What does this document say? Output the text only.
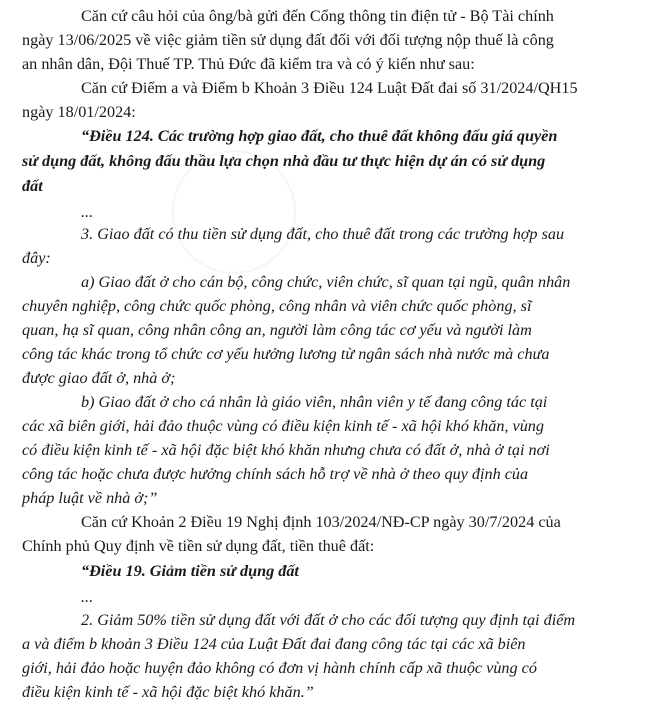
Căn cứ câu hỏi của ông/bà gửi đến Cổng thông tin điện tử - Bộ Tài chính
ngày 13/06/2025 về việc giảm tiền sử dụng đất đối với đối tượng nộp thuế là công
an nhân dân, Đội Thuế TP. Thủ Đức đã kiểm tra và có ý kiến như sau:
Căn cứ Điểm a và Điểm b Khoản 3 Điều 124 Luật Đất đai số 31/2024/QH15
ngày 18/01/2024:
“Điều 124. Các trường hợp giao đất, cho thuê đất không đấu giá quyền
sử dụng đất, không đấu thầu lựa chọn nhà đầu tư thực hiện dự án có sử dụng
đất
...
3. Giao đất có thu tiền sử dụng đất, cho thuê đất trong các trường hợp sau
đây:
a) Giao đất ở cho cán bộ, công chức, viên chức, sĩ quan tại ngũ, quân nhân
chuyên nghiệp, công chức quốc phòng, công nhân và viên chức quốc phòng, sĩ
quan, hạ sĩ quan, công nhân công an, người làm công tác cơ yếu và người làm
công tác khác trong tổ chức cơ yếu hưởng lương từ ngân sách nhà nước mà chưa
được giao đất ở, nhà ở;
b) Giao đất ở cho cá nhân là giáo viên, nhân viên y tế đang công tác tại
các xã biên giới, hải đảo thuộc vùng có điều kiện kinh tế - xã hội khó khăn, vùng
có điều kiện kinh tế - xã hội đặc biệt khó khăn nhưng chưa có đất ở, nhà ở tại nơi
công tác hoặc chưa được hưởng chính sách hỗ trợ về nhà ở theo quy định của
pháp luật về nhà ở;”
Căn cứ Khoản 2 Điều 19 Nghị định 103/2024/NĐ-CP ngày 30/7/2024 của
Chính phủ Quy định về tiền sử dụng đất, tiền thuê đất:
“Điều 19. Giảm tiền sử dụng đất
...
2. Giảm 50% tiền sử dụng đất với đất ở cho các đối tượng quy định tại điểm
a và điểm b khoản 3 Điều 124 của Luật Đất đai đang công tác tại các xã biên
giới, hải đảo hoặc huyện đảo không có đơn vị hành chính cấp xã thuộc vùng có
điều kiện kinh tế - xã hội đặc biệt khó khăn.”
